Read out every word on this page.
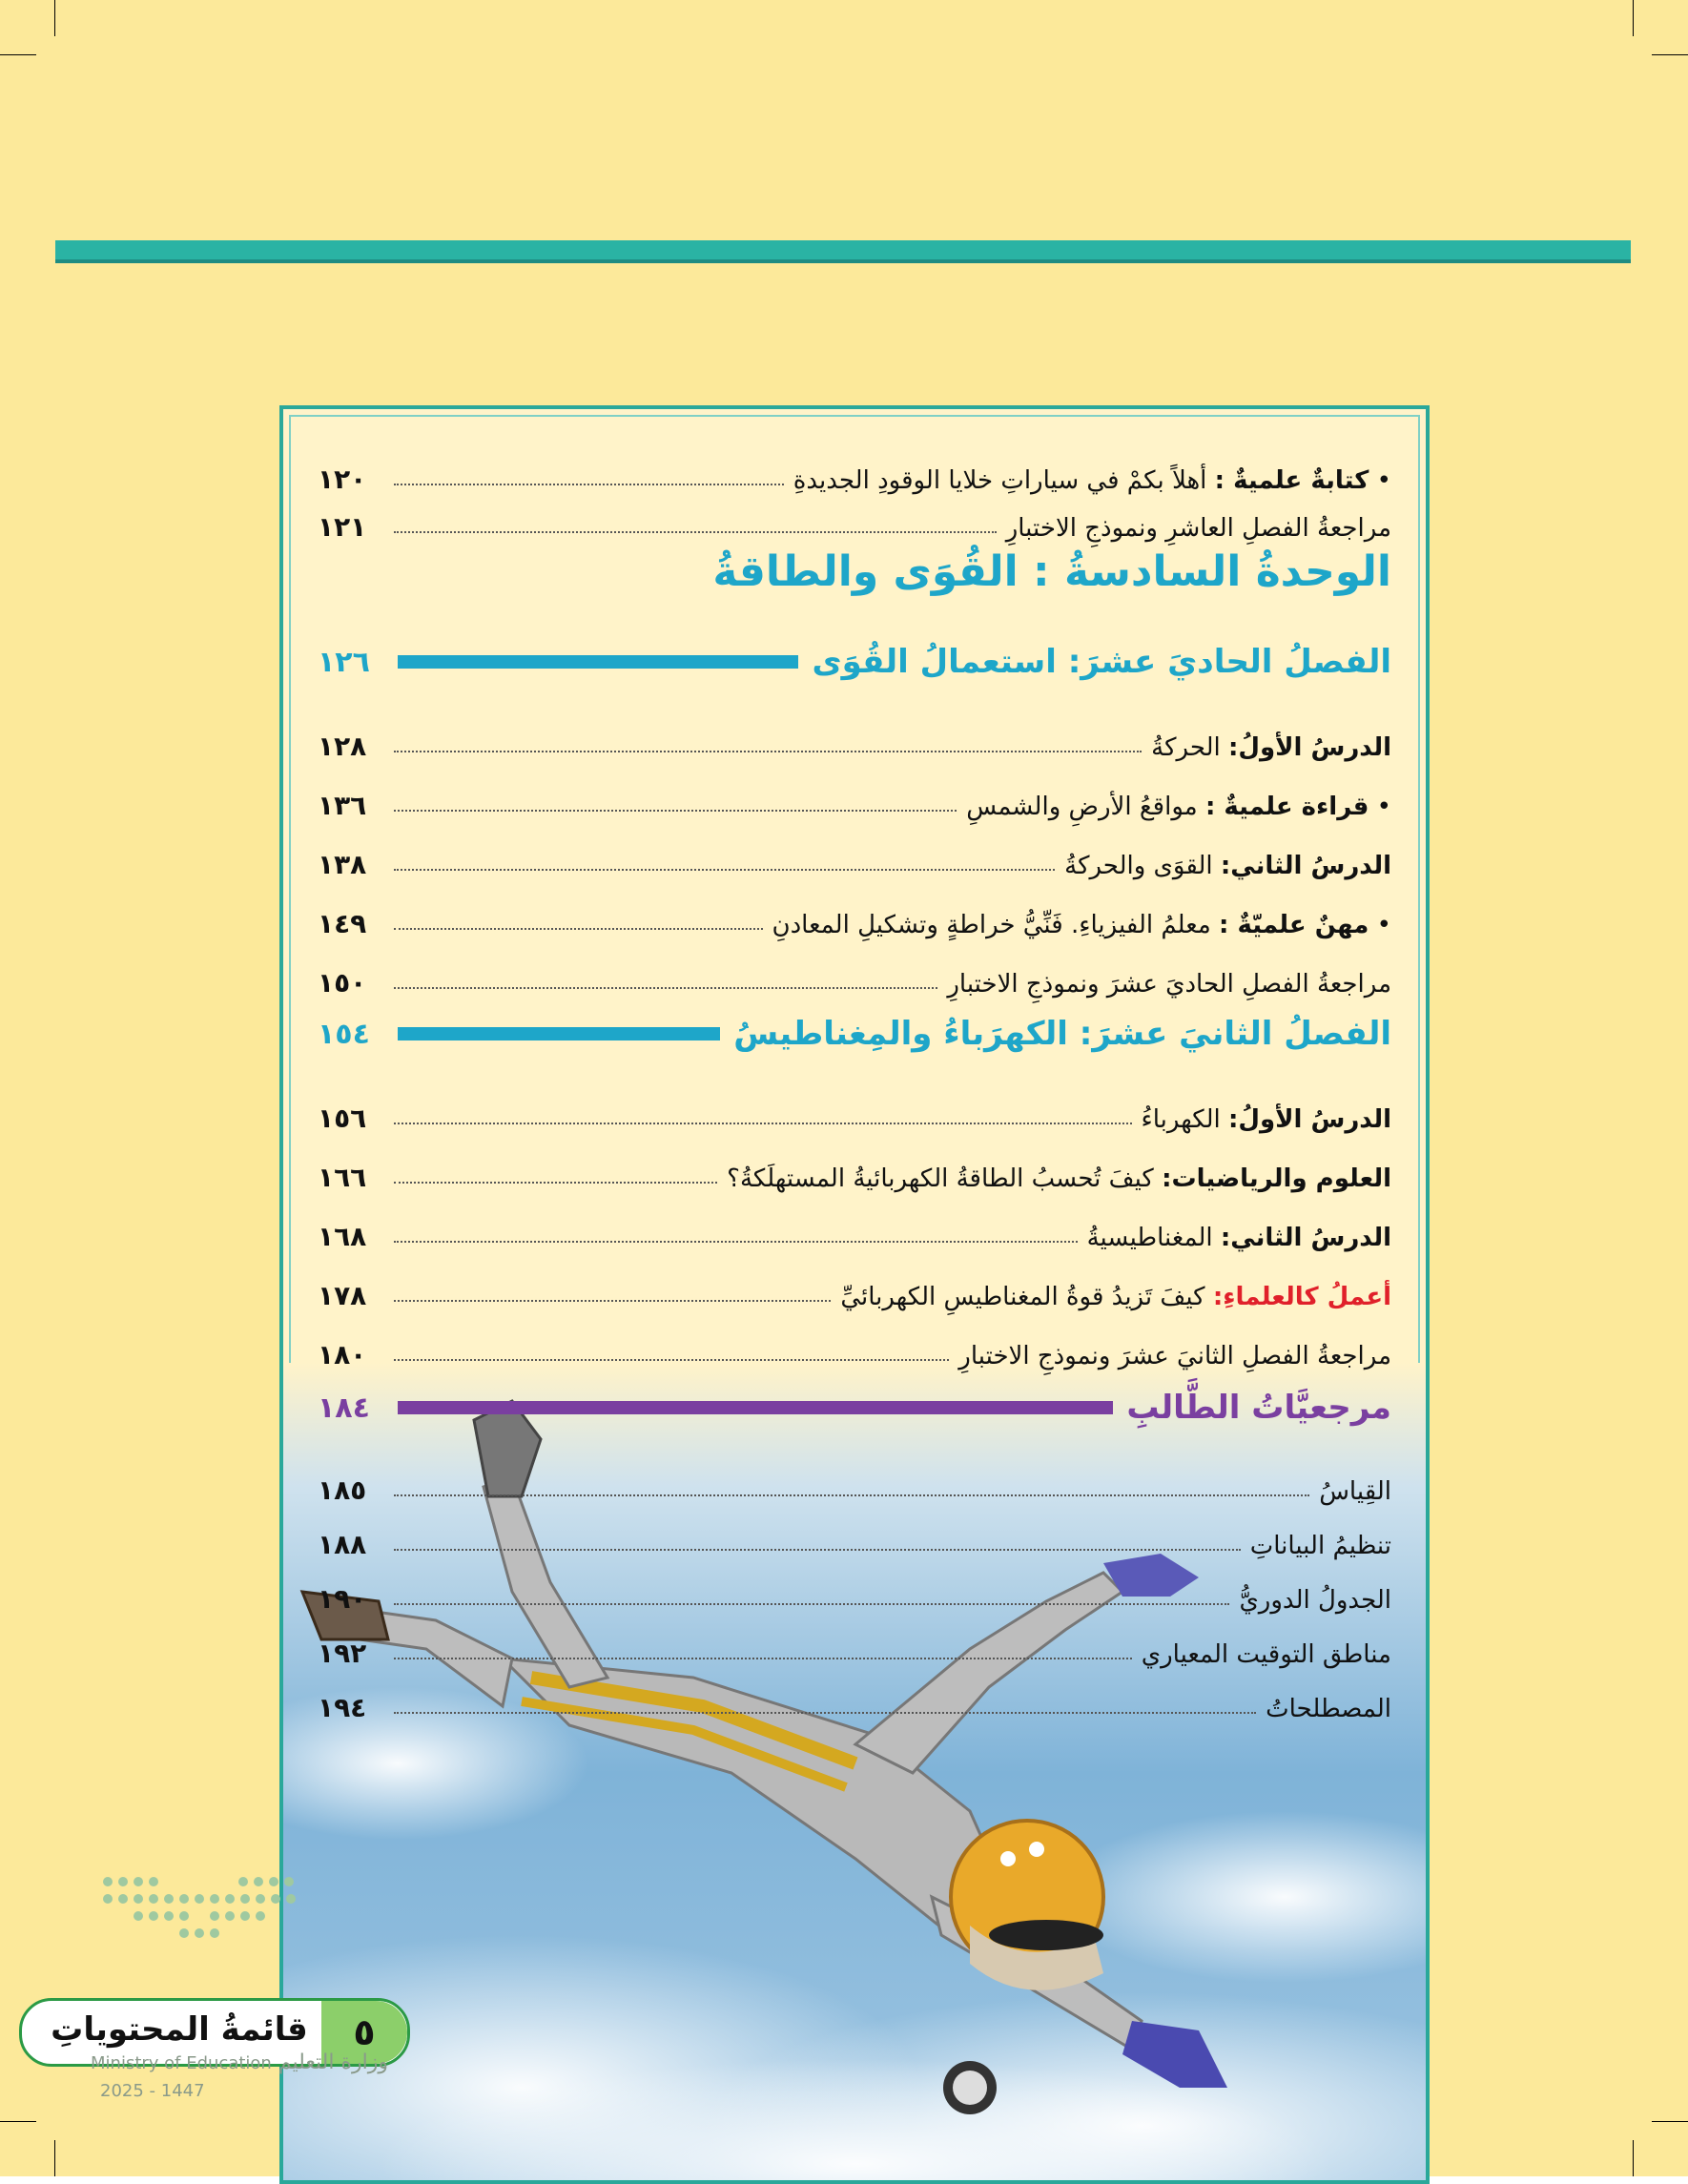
• كتابةٌ علميةٌ : أهلاً بكمْ في سياراتِ خلايا الوقودِ الجديدةِ
١٢٠
مراجعةُ الفصلِ العاشرِ ونموذجِ الاختبارِ
١٢١
الوحدةُ السادسةُ : القُوَى والطاقةُ
الفصلُ الحاديَ عشرَ: استعمالُ القُوَى
١٢٦
الدرسُ الأولُ: الحركةُ
١٢٨
• قراءة علميةٌ : مواقعُ الأرضِ والشمسِ
١٣٦
الدرسُ الثاني: القوَى والحركةُ
١٣٨
• مهنٌ علميّةٌ : معلمُ الفيزياءِ. فَنِّيُّ خراطةٍ وتشكيلِ المعادنِ
١٤٩
مراجعةُ الفصلِ الحاديَ عشرَ ونموذجِ الاختبارِ
١٥٠
الفصلُ الثانيَ عشرَ: الكهرَباءُ والمِغناطيسُ
١٥٤
الدرسُ الأولُ: الكهرباءُ
١٥٦
العلوم والرياضيات: كيفَ تُحسبُ الطاقةُ الكهربائيةُ المستهلَكةُ؟
١٦٦
الدرسُ الثاني: المغناطيسيةُ
١٦٨
أعملُ كالعلماءِ: كيفَ تَزيدُ قوةُ المغناطيسِ الكهربائيِّ
١٧٨
مراجعةُ الفصلِ الثانيَ عشرَ ونموذجِ الاختبارِ
١٨٠
مرجعيَّاتُ الطَّالبِ
١٨٤
القِياسُ
١٨٥
تنظيمُ البياناتِ
١٨٨
الجدولُ الدوريُّ
١٩٠
مناطق التوقيت المعياري
١٩٢
المصطلحاتُ
١٩٤
قائمةُ المحتوياتِ	٥
وزارة التعليم Ministry of Education
2025 - 1447
